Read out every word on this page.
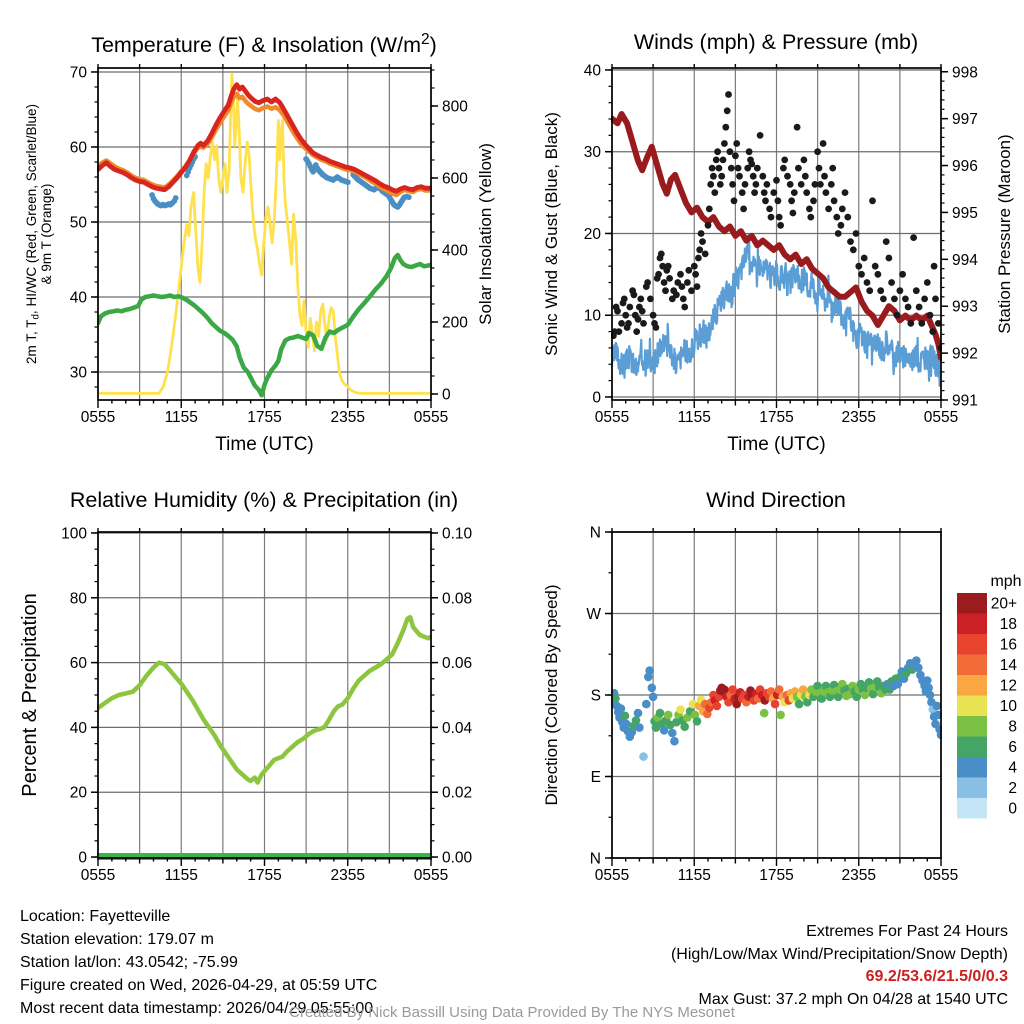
0555	1155	1755	2355	0555
Time (UTC)
30
40
50
60
70
2m T, $T_d$, HI/WC (Red, Green, Scarlet/Blue) & 9m T (Orange)
0
200
400
600
800
Solar Insolation (Yellow)
Temperature (F) & Insolation $(W/m^2)$
0555	1155	1755	2355	0555
Time (UTC)
0
10
20
30
40
Sonic Wind & Gust (Blue, Black)
991
992
993
994
995
996
997
998
Station Pressure (Maroon)
Winds (mph) & Pressure (mb)
0555	1155	1755	2355	0555
0
20
40
60
80
100
Percent & Precipitation
0.00
0.02
0.04
0.06
0.08
0.10
Relative Humidity (%) & Precipitation (in)
0555	1155	1755	2355	0555
N
E
S
W
N
Direction (Colored By Speed)
Wind Direction
mph
20+
18
16
14
12
10
8
6
4
2
0
Location: Fayetteville
Station elevation: 179.07 m
Station lat/lon: 43.0542; -75.99
Figure created on Wed, 2026-04-29, at 05:59 UTC
Most recent data timestamp: 2026/04/29 05:55:00
Extremes For Past 24 Hours
(High/Low/Max Wind/Precipitation/Snow Depth)
69.2/53.6/21.5/0/0.3
Max Gust: 37.2 mph On 04/28 at 1540 UTC
Created By Nick Bassill Using Data Provided By The NYS Mesonet
